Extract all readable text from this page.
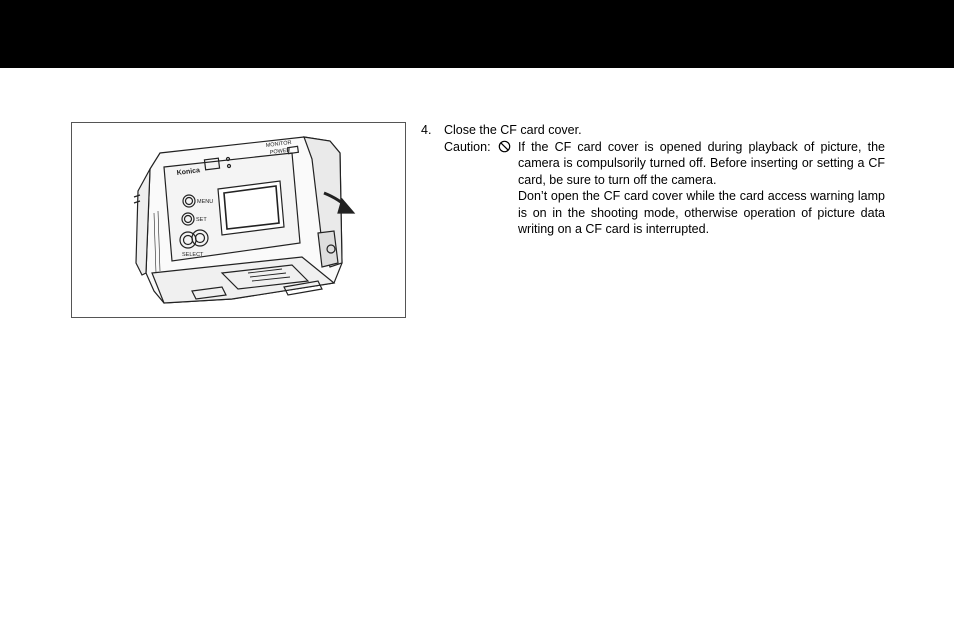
Konica
MONITOR
POWER
MENU
SET
SELECT
4. Close the CF card cover.
Caution: If the CF card cover is opened during playback of picture, the camera is compulsorily turned off. Before inserting or setting a CF card, be sure to turn off the camera.

Don’t open the CF card cover while the card access warning lamp is on in the shooting mode, otherwise operation of picture data writing on a CF card is interrupted.
